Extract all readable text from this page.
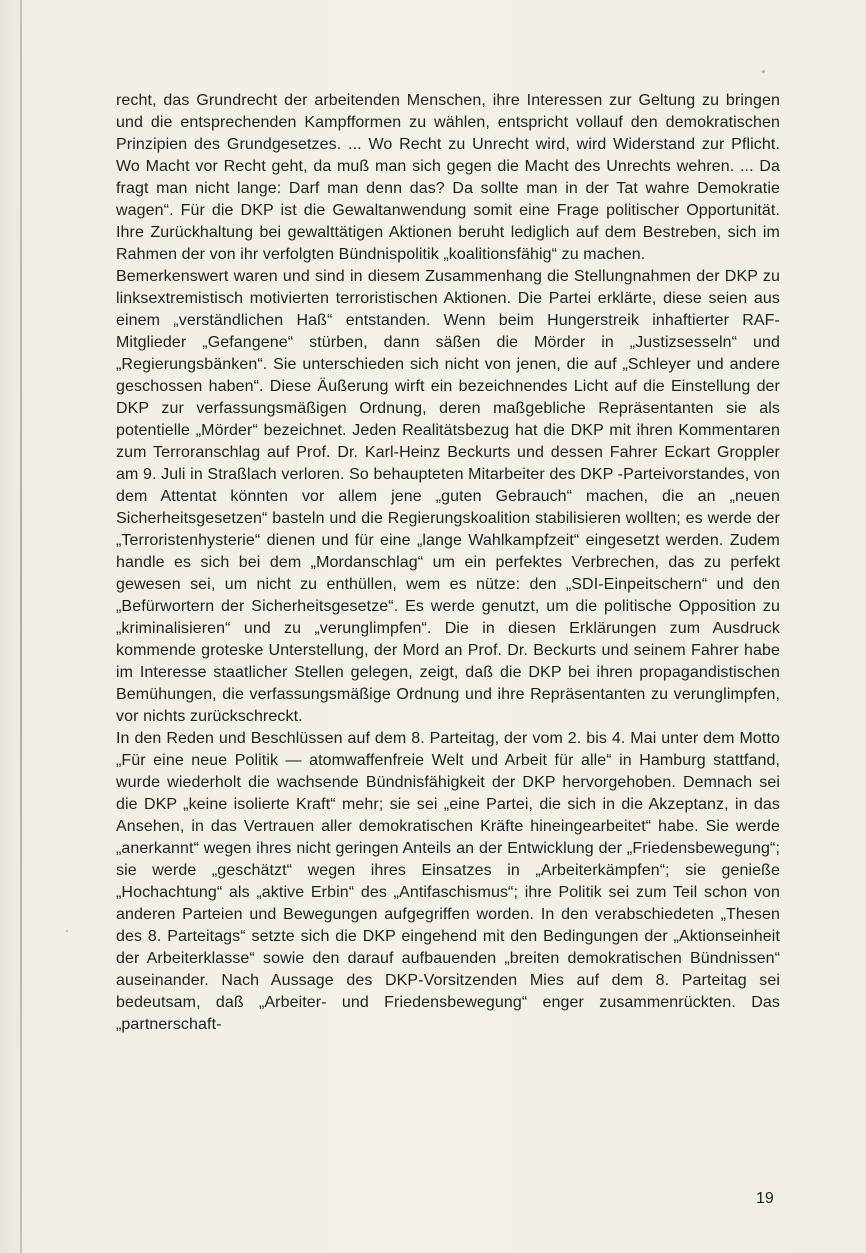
recht, das Grundrecht der arbeitenden Menschen, ihre Interessen zur Geltung zu bringen und die entsprechenden Kampfformen zu wählen, entspricht vollauf den demokratischen Prinzipien des Grundgesetzes. ... Wo Recht zu Unrecht wird, wird Widerstand zur Pflicht. Wo Macht vor Recht geht, da muß man sich gegen die Macht des Unrechts wehren. ... Da fragt man nicht lange: Darf man denn das? Da sollte man in der Tat wahre Demokratie wagen“. Für die DKP ist die Gewaltanwendung somit eine Frage politischer Opportunität. Ihre Zurückhaltung bei gewalttätigen Aktionen beruht lediglich auf dem Bestreben, sich im Rahmen der von ihr verfolgten Bündnispolitik „koalitionsfähig“ zu machen.

Bemerkenswert waren und sind in diesem Zusammenhang die Stellungnahmen der DKP zu linksextremistisch motivierten terroristischen Aktionen. Die Partei erklärte, diese seien aus einem „verständlichen Haß“ entstanden. Wenn beim Hungerstreik inhaftierter RAF- Mitglieder „Gefangene“ stürben, dann säßen die Mörder in „Justizsesseln“ und „Regierungsbänken“. Sie unterschieden sich nicht von jenen, die auf „Schleyer und andere geschossen haben“. Diese Äußerung wirft ein bezeichnendes Licht auf die Einstellung der DKP zur verfassungsmäßigen Ordnung, deren maßgebliche Repräsentanten sie als potentielle „Mörder“ bezeichnet. Jeden Realitätsbezug hat die DKP mit ihren Kommentaren zum Terroranschlag auf Prof. Dr. Karl-Heinz Beckurts und dessen Fahrer Eckart Groppler am 9. Juli in Straßlach verloren. So behaupteten Mitarbeiter des DKP -Parteivorstandes, von dem Attentat könnten vor allem jene „guten Gebrauch“ machen, die an „neuen Sicherheitsgesetzen“ basteln und die Regierungskoalition stabilisieren wollten; es werde der „Terroristenhysterie“ dienen und für eine „lange Wahlkampfzeit“ eingesetzt werden. Zudem handle es sich bei dem „Mordanschlag“ um ein perfektes Verbrechen, das zu perfekt gewesen sei, um nicht zu enthüllen, wem es nütze: den „SDI-Einpeitschern“ und den „Befürwortern der Sicherheitsgesetze“. Es werde genutzt, um die politische Opposition zu „kriminalisieren“ und zu „verunglimpfen“. Die in diesen Erklärungen zum Ausdruck kommende groteske Unterstellung, der Mord an Prof. Dr. Beckurts und seinem Fahrer habe im Interesse staatlicher Stellen gelegen, zeigt, daß die DKP bei ihren propagandistischen Bemühungen, die verfassungsmäßige Ordnung und ihre Repräsentanten zu verunglimpfen, vor nichts zurückschreckt.

In den Reden und Beschlüssen auf dem 8. Parteitag, der vom 2. bis 4. Mai unter dem Motto „Für eine neue Politik — atomwaffenfreie Welt und Arbeit für alle“ in Hamburg stattfand, wurde wiederholt die wachsende Bündnisfähigkeit der DKP hervorgehoben. Demnach sei die DKP „keine isolierte Kraft“ mehr; sie sei „eine Partei, die sich in die Akzeptanz, in das Ansehen, in das Vertrauen aller demokratischen Kräfte hineingearbeitet“ habe. Sie werde „anerkannt“ wegen ihres nicht geringen Anteils an der Entwicklung der „Friedensbewegung“; sie werde „geschätzt“ wegen ihres Einsatzes in „Arbeiterkämpfen“; sie genieße „Hochachtung“ als „aktive Erbin“ des „Antifaschismus“; ihre Politik sei zum Teil schon von anderen Parteien und Bewegungen aufgegriffen worden. In den verabschiedeten „Thesen des 8. Parteitags“ setzte sich die DKP eingehend mit den Bedingungen der „Aktionseinheit der Arbeiterklasse“ sowie den darauf aufbauenden „breiten demokratischen Bündnissen“ auseinander. Nach Aussage des DKP-Vorsitzenden Mies auf dem 8. Parteitag sei bedeutsam, daß „Arbeiter- und Friedensbewegung“ enger zusammenrückten. Das „partnerschaft-

19
